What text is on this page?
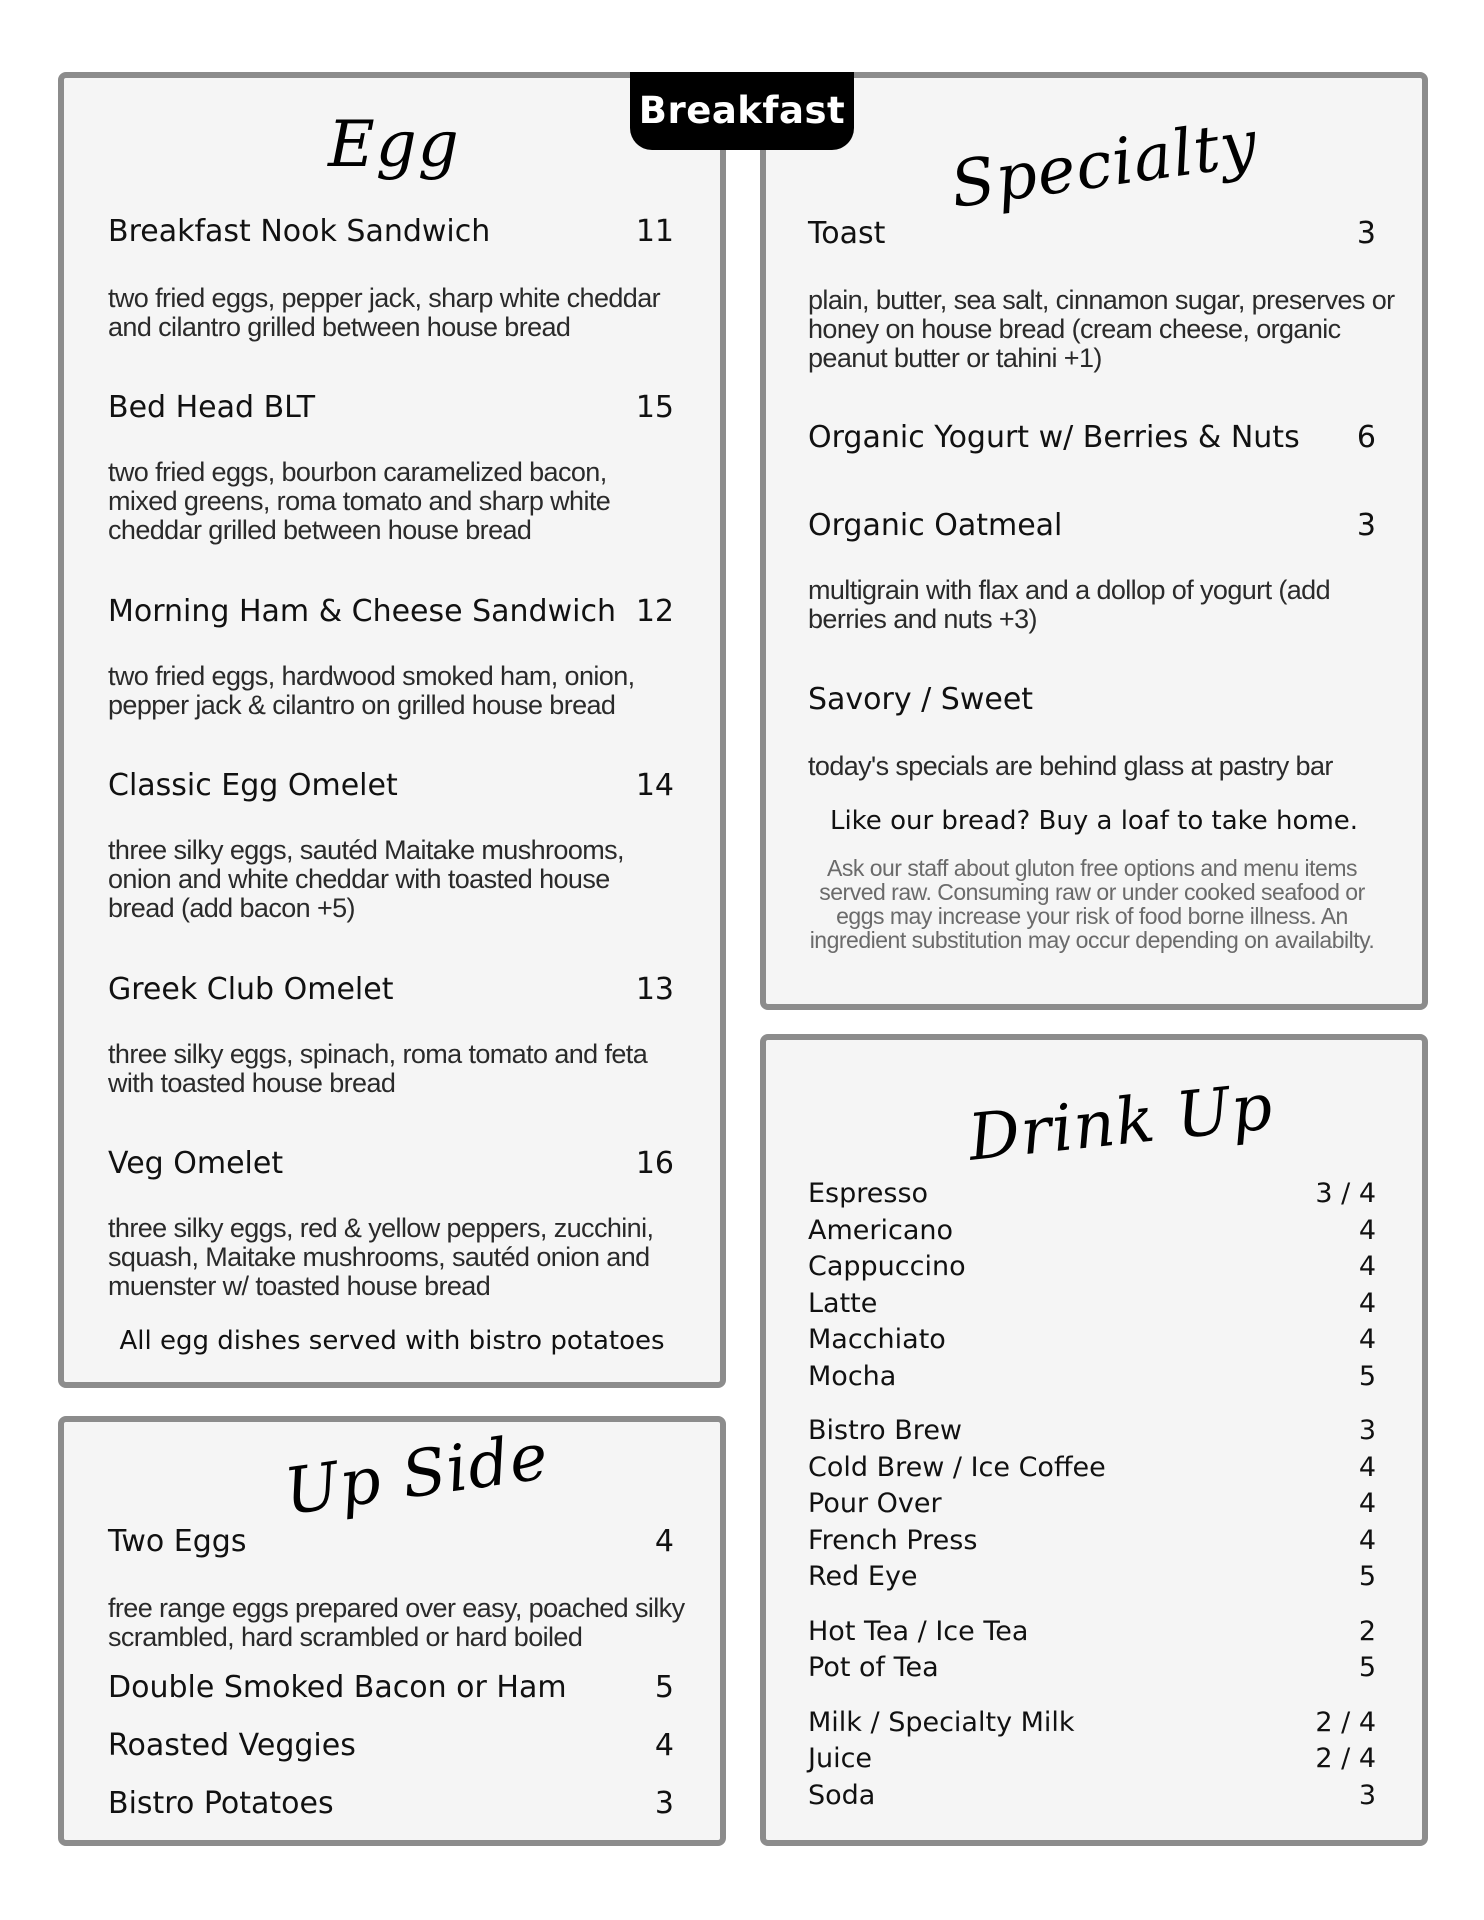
Breakfast
Egg
Breakfast Nook Sandwich	11

two fried eggs, pepper jack, sharp white cheddar and cilantro grilled between house bread

Bed Head BLT	15

two fried eggs, bourbon caramelized bacon, mixed greens, roma tomato and sharp white cheddar grilled between house bread

Morning Ham & Cheese Sandwich 12

two fried eggs, hardwood smoked ham, onion, pepper jack & cilantro on grilled house bread

Classic Egg Omelet	14

three silky eggs, sautéd Maitake mushrooms, onion and white cheddar with toasted house bread (add bacon +5)

Greek Club Omelet	13

three silky eggs, spinach, roma tomato and feta with toasted house bread

Veg Omelet	16

three silky eggs, red & yellow peppers, zucchini, squash, Maitake mushrooms, sautéd onion and muenster w/ toasted house bread

All egg dishes served with bistro potatoes
Up Side
Two Eggs	4

free range eggs prepared over easy, poached silky scrambled, hard scrambled or hard boiled

Double Smoked Bacon or Ham	5
Roasted Veggies	4
Bistro Potatoes	3
Specialty
Toast	3

plain, butter, sea salt, cinnamon sugar, preserves or honey on house bread (cream cheese, organic peanut butter or tahini +1)

Organic Yogurt w/ Berries & Nuts 6
Organic Oatmeal	3

multigrain with flax and a dollop of yogurt (add berries and nuts +3)

Savory / Sweet

today's specials are behind glass at pastry bar

Like our bread? Buy a loaf to take home.

Ask our staff about gluton free options and menu items served raw. Consuming raw or under cooked seafood or eggs may increase your risk of food borne illness. An ingredient substitution may occur depending on availabilty.

Drink Up
Espresso	3 / 4
Americano	4
Cappuccino	4
Latte	4
Macchiato	4
Mocha	5
Bistro Brew	3
Cold Brew / Ice Coffee	4
Pour Over	4
French Press	4
Red Eye	5
Hot Tea / Ice Tea	2
Pot of Tea	5
Milk / Specialty Milk	2 / 4
Juice	2 / 4
Soda	3
